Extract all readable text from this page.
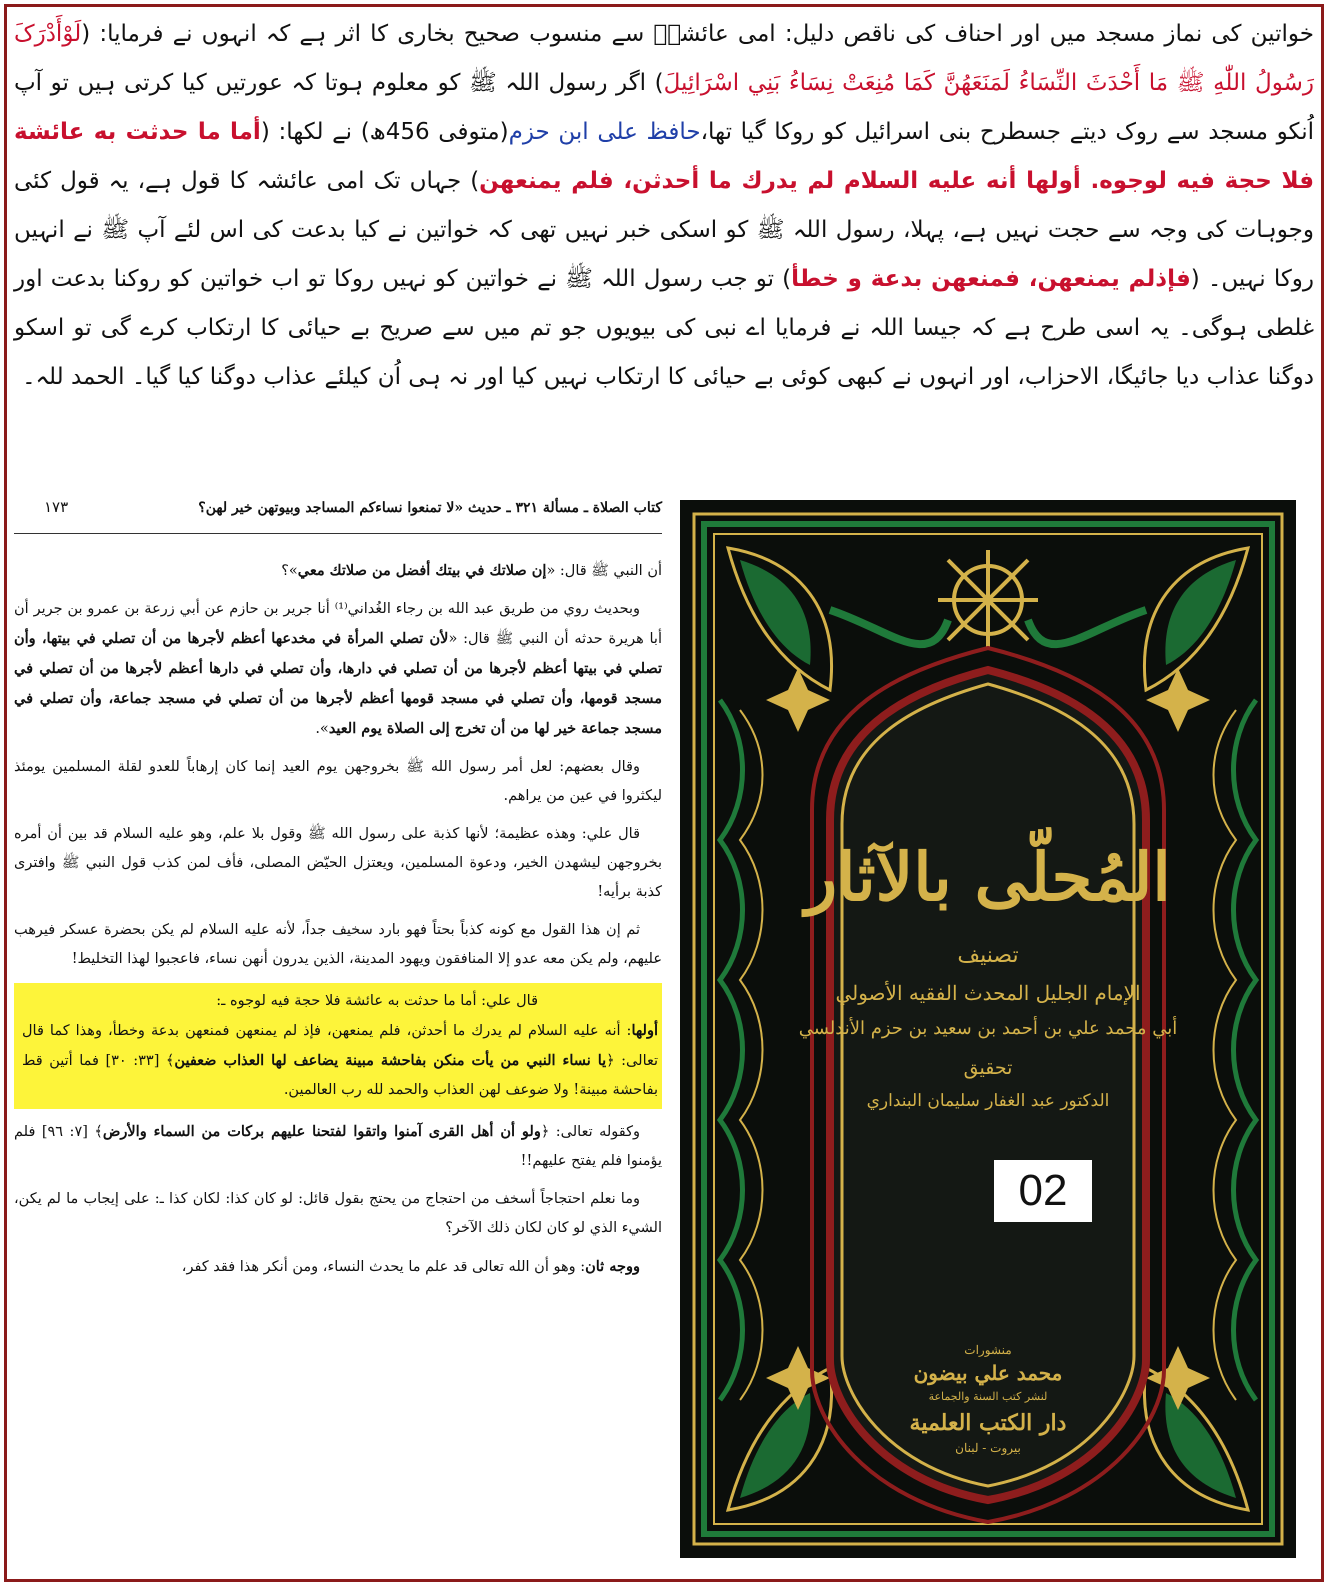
خواتین کی نماز مسجد میں اور احناف کی ناقص دلیل: امی عائشہؓ سے منسوب صحیح بخاری کا اثر ہے کہ انہوں نے فرمایا: (لَوْأَدْرَکَ رَسُولُ اللّٰهِ ﷺ مَا أَحْدَثَ النِّسَاءُ لَمَنَعَهُنَّ كَمَا مُنِعَتْ نِسَاءُ بَنِي اسْرَائِيلَ) اگر رسول اللہ ﷺ کو معلوم ہوتا کہ عورتیں کیا کرتی ہیں تو آپ اُنکو مسجد سے روک دیتے جسطرح بنی اسرائیل کو روکا گیا تھا،حافظ علی ابن حزم(متوفی 456ھ) نے لکھا: (أما ما حدثت به عائشة فلا حجة فيه لوجوه. أولها أنه عليه السلام لم يدرك ما أحدثن، فلم يمنعهن) جہاں تک امی عائشہ کا قول ہے، یہ قول کئی وجوہات کی وجہ سے حجت نہیں ہے، پہلا، رسول اللہ ﷺ کو اسکی خبر نہیں تھی کہ خواتین نے کیا بدعت کی اس لئے آپ ﷺ نے انہیں روکا نہیں۔ (فإذلم يمنعهن، فمنعهن بدعة و خطأ) تو جب رسول اللہ ﷺ نے خواتین کو نہیں روکا تو اب خواتین کو روکنا بدعت اور غلطی ہوگی۔ یہ اسی طرح ہے کہ جیسا اللہ نے فرمایا اے نبی کی بیویوں جو تم میں سے صریح بے حیائی کا ارتکاب کرے گی تو اسکو دوگنا عذاب دیا جائیگا، الاحزاب، اور انہوں نے کبھی کوئی بے حیائی کا ارتکاب نہیں کیا اور نہ ہی اُن کیلئے عذاب دوگنا کیا گیا۔ الحمد للہ۔
كتاب الصلاة ـ مسألة ٣٢١ ـ حديث «لا تمنعوا نساءكم المساجد وبيوتهن خير لهن؟
١٧٣

أن النبي ﷺ قال: «إن صلاتك في بيتك أفضل من صلاتك معي»؟

وبحديث روي من طريق عبد الله بن رجاء الغُداني⁽¹⁾ أنا جرير بن حازم عن أبي زرعة بن عمرو بن جرير أن أبا هريرة حدثه أن النبي ﷺ قال: «لأن تصلي المرأة في مخدعها أعظم لأجرها من أن تصلي في بيتها، وأن تصلي في بيتها أعظم لأجرها من أن تصلي في دارها، وأن تصلي في دارها أعظم لأجرها من أن تصلي في مسجد قومها، وأن تصلي في مسجد قومها أعظم لأجرها من أن تصلي في مسجد جماعة، وأن تصلي في مسجد جماعة خير لها من أن تخرج إلى الصلاة يوم العيد».

وقال بعضهم: لعل أمر رسول الله ﷺ بخروجهن يوم العيد إنما كان إرهاباً للعدو لقلة المسلمين يومئذ ليكثروا في عين من يراهم.

قال علي: وهذه عظيمة؛ لأنها كذبة على رسول الله ﷺ وقول بلا علم، وهو عليه السلام قد بين أن أمره بخروجهن ليشهدن الخير، ودعوة المسلمين، ويعتزل الحيّض المصلى، فأف لمن كذب قول النبي ﷺ وافترى كذبة برأيه!

ثم إن هذا القول مع كونه كذباً بحتاً فهو بارد سخيف جداً، لأنه عليه السلام لم يكن بحضرة عسكر فيرهب عليهم، ولم يكن معه عدو إلا المنافقون ويهود المدينة، الذين يدرون أنهن نساء، فاعجبوا لهذا التخليط!

قال علي: أما ما حدثت به عائشة فلا حجة فيه لوجوه ـ:
أولها: أنه عليه السلام لم يدرك ما أحدثن، فلم يمنعهن، فإذ لم يمنعهن فمنعهن بدعة وخطأ، وهذا كما قال تعالى: ﴿يا نساء النبي من يأت منكن بفاحشة مبينة يضاعف لها العذاب ضعفين﴾ [٣٣: ٣٠] فما أتين قط بفاحشة مبينة! ولا ضوعف لهن العذاب والحمد لله رب العالمين.

وكقوله تعالى: ﴿ولو أن أهل القرى آمنوا واتقوا لفتحنا عليهم بركات من السماء والأرض﴾ [٧: ٩٦] فلم يؤمنوا فلم يفتح عليهم!!

وما نعلم احتجاجاً أسخف من احتجاج من يحتج بقول قائل: لو كان كذا: لكان كذا ـ: على إيجاب ما لم يكن، الشيء الذي لو كان لكان ذلك الآخر؟

ووجه ثان: وهو أن الله تعالى قد علم ما يحدث النساء، ومن أنكر هذا فقد كفر،

المُحلّى بالآثار
تصنيف
الإمام الجليل المحدث الفقيه الأصولي
أبي محمد علي بن أحمد بن سعيد بن حزم الأندلسي
تحقيق
الدكتور عبد الغفار سليمان البنداري
منشورات
محمد علي بيضون
لنشر كتب السنة والجماعة
دار الكتب العلمية
بيروت - لبنان
02
